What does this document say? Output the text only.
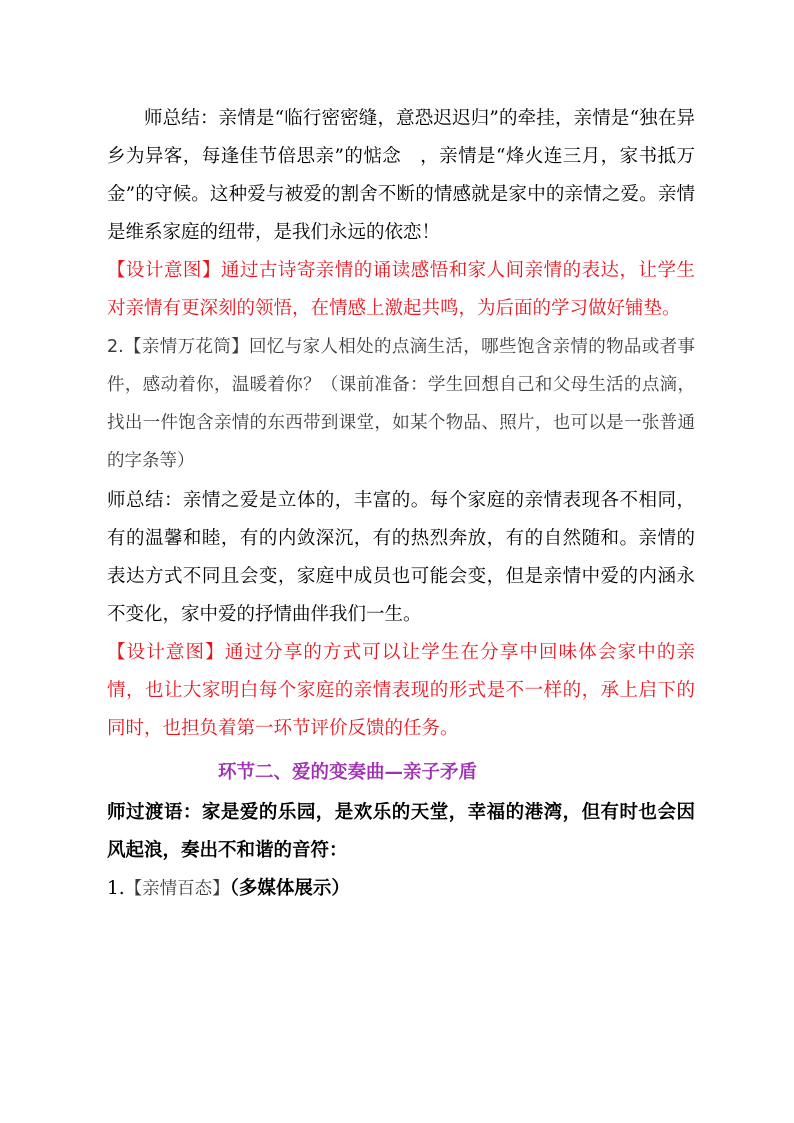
师总结：亲情是“临行密密缝，意恐迟迟归”的牵挂，亲情是“独在异乡为异客，每逢佳节倍思亲”的惦念　，亲情是“烽火连三月，家书抵万金”的守候。这种爱与被爱的割舍不断的情感就是家中的亲情之爱。亲情是维系家庭的纽带，是我们永远的依恋！

【设计意图】通过古诗寄亲情的诵读感悟和家人间亲情的表达，让学生对亲情有更深刻的领悟，在情感上激起共鸣，为后面的学习做好铺垫。

2.【亲情万花筒】回忆与家人相处的点滴生活，哪些饱含亲情的物品或者事件，感动着你，温暖着你？（课前准备：学生回想自己和父母生活的点滴，找出一件饱含亲情的东西带到课堂，如某个物品、照片，也可以是一张普通的字条等）

师总结：亲情之爱是立体的，丰富的。每个家庭的亲情表现各不相同，有的温馨和睦，有的内敛深沉，有的热烈奔放，有的自然随和。亲情的表达方式不同且会变，家庭中成员也可能会变，但是亲情中爱的内涵永不变化，家中爱的抒情曲伴我们一生。

【设计意图】通过分享的方式可以让学生在分享中回味体会家中的亲情，也让大家明白每个家庭的亲情表现的形式是不一样的，承上启下的同时，也担负着第一环节评价反馈的任务。

环节二、爱的变奏曲—亲子矛盾

师过渡语：家是爱的乐园，是欢乐的天堂，幸福的港湾，但有时也会因风起浪，奏出不和谐的音符：

1.【亲情百态】（多媒体展示）
